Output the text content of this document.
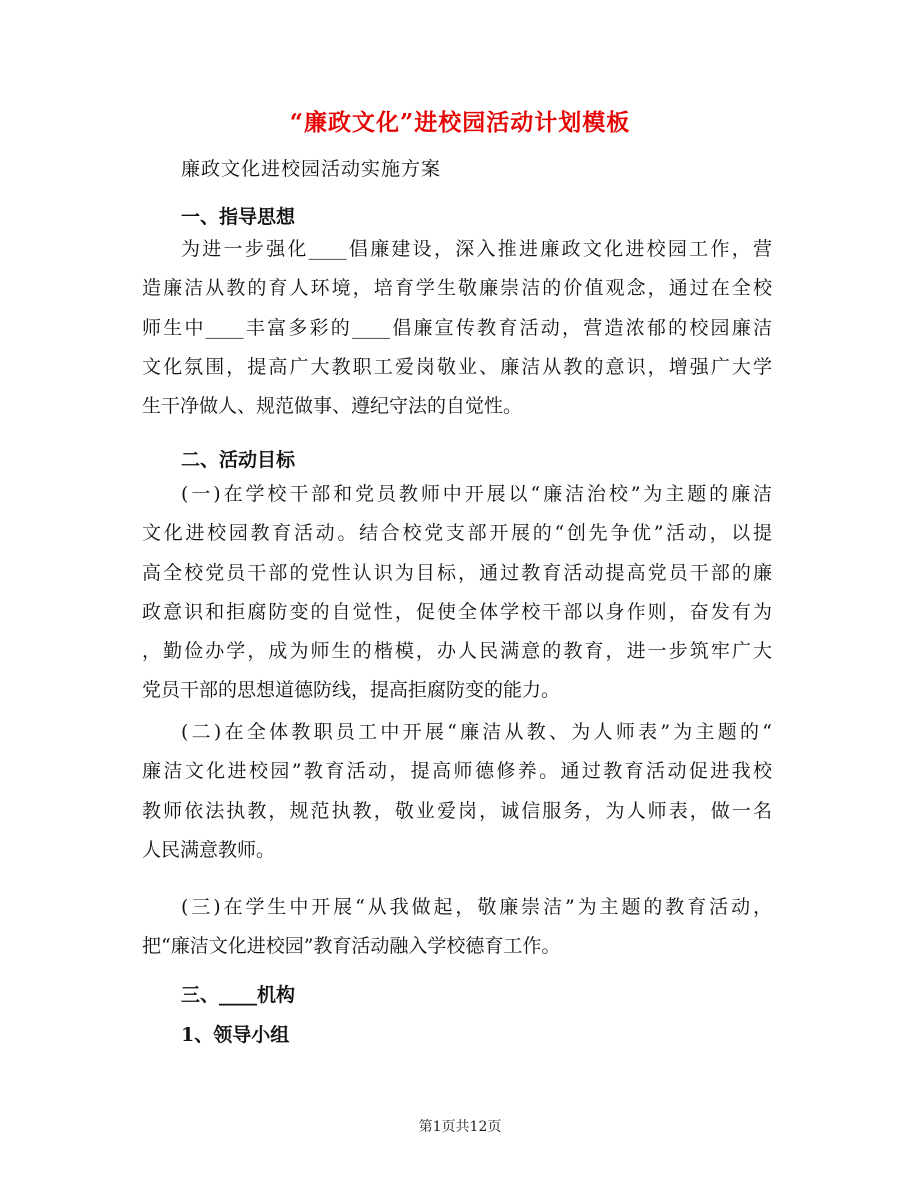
“廉政文化”进校园活动计划模板
廉政文化进校园活动实施方案
一、指导思想
为进一步强化____倡廉建设，深入推进廉政文化进校园工作，营
造廉洁从教的育人环境，培育学生敬廉崇洁的价值观念，通过在全校
师生中____丰富多彩的____倡廉宣传教育活动，营造浓郁的校园廉洁
文化氛围，提高广大教职工爱岗敬业、廉洁从教的意识，增强广大学
生干净做人、规范做事、遵纪守法的自觉性。
二、活动目标
(一)在学校干部和党员教师中开展以“廉洁治校”为主题的廉洁
文化进校园教育活动。结合校党支部开展的“创先争优”活动，以提
高全校党员干部的党性认识为目标，通过教育活动提高党员干部的廉
政意识和拒腐防变的自觉性，促使全体学校干部以身作则，奋发有为
，勤俭办学，成为师生的楷模，办人民满意的教育，进一步筑牢广大
党员干部的思想道德防线，提高拒腐防变的能力。
(二)在全体教职员工中开展“廉洁从教、为人师表”为主题的“
廉洁文化进校园”教育活动，提高师德修养。通过教育活动促进我校
教师依法执教，规范执教，敬业爱岗，诚信服务，为人师表，做一名
人民满意教师。
(三)在学生中开展“从我做起，敬廉崇洁”为主题的教育活动，
把“廉洁文化进校园”教育活动融入学校德育工作。
三、____机构
1、领导小组
第1页共12页
